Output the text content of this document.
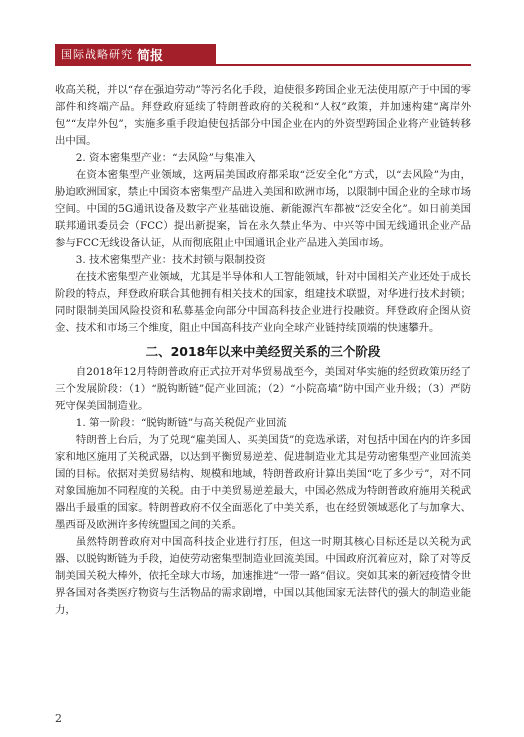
国际战略研究 简报

收高关税，并以“存在强迫劳动”等污名化手段，迫使很多跨国企业无法使用原产于中国的零部件和终端产品。拜登政府延续了特朗普政府的关税和“人权”政策，并加速构建“离岸外包”“友岸外包”，实施多重手段迫使包括部分中国企业在内的外资型跨国企业将产业链转移出中国。

2. 资本密集型产业：“去风险”与集准入

在资本密集型产业领域，这两届美国政府都采取“泛安全化”方式，以“去风险”为由，胁迫欧洲国家，禁止中国资本密集型产品进入美国和欧洲市场，以限制中国企业的全球市场空间。中国的5G通讯设备及数字产业基础设施、新能源汽车都被“泛安全化”。如日前美国联邦通讯委员会（FCC）提出新提案，旨在永久禁止华为、中兴等中国无线通讯企业产品参与FCC无线设备认证，从而彻底阻止中国通讯企业产品进入美国市场。

3. 技术密集型产业：技术封锁与限制投资

在技术密集型产业领域，尤其是半导体和人工智能领域，针对中国相关产业还处于成长阶段的特点，拜登政府联合其他拥有相关技术的国家，组建技术联盟，对华进行技术封锁；同时限制美国风险投资和私募基金向部分中国高科技企业进行投融资。拜登政府企图从资金、技术和市场三个维度，阻止中国高科技产业向全球产业链持续顶端的快速攀升。

二、2018年以来中美经贸关系的三个阶段

自2018年12月特朗普政府正式拉开对华贸易战至今，美国对华实施的经贸政策历经了三个发展阶段：（1）“脱钩断链”促产业回流；（2）“小院高墙”防中国产业升级；（3）严防死守保美国制造业。

1. 第一阶段：“脱钩断链”与高关税促产业回流

特朗普上台后，为了兑现“雇美国人、买美国货”的竞选承诺，对包括中国在内的许多国家和地区施用了关税武器，以达到平衡贸易逆差、促进制造业尤其是劳动密集型产业回流美国的目标。依据对美贸易结构、规模和地域，特朗普政府计算出美国“吃了多少亏”，对不同对象国施加不同程度的关税。由于中美贸易逆差最大，中国必然成为特朗普政府施用关税武器出手最重的国家。特朗普政府不仅全面恶化了中美关系，也在经贸领域恶化了与加拿大、墨西哥及欧洲许多传统盟国之间的关系。

虽然特朗普政府对中国高科技企业进行打压，但这一时期其核心目标还是以关税为武器、以脱钩断链为手段，迫使劳动密集型制造业回流美国。中国政府沉着应对，除了对等反制美国关税大棒外，依托全球大市场，加速推进“一带一路”倡议。突如其来的新冠疫情令世界各国对各类医疗物资与生活物品的需求剧增，中国以其他国家无法替代的强大的制造业能力，

2
